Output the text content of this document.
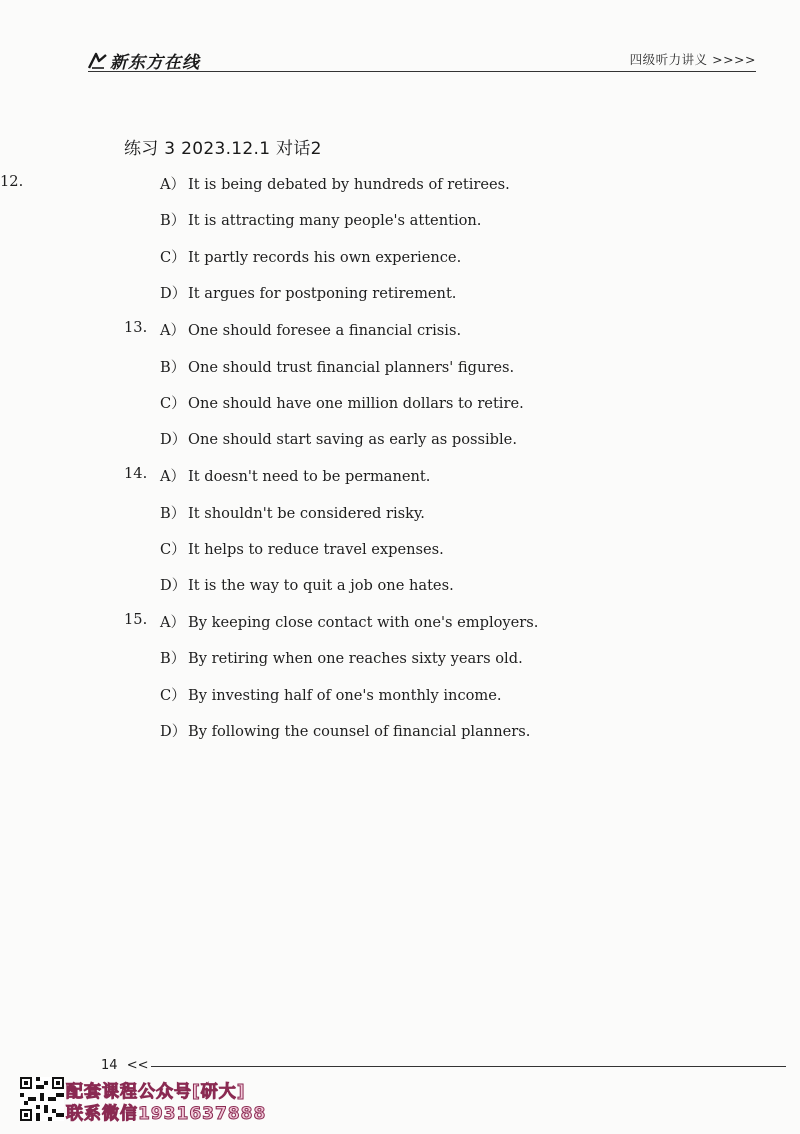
新东方在线	四级听力讲义 >>>>
练习 3 2023.12.1 对话2
12.	A） It is being debated by hundreds of retirees.
B） It is attracting many people's attention.
C） It partly records his own experience.
D） It argues for postponing retirement.
13. A） One should foresee a financial crisis.
B） One should trust financial planners' figures.
C） One should have one million dollars to retire.
D） One should start saving as early as possible.
14. A） It doesn't need to be permanent.
B） It shouldn't be considered risky.
C） It helps to reduce travel expenses.
D） It is the way to quit a job one hates.
15. A） By keeping close contact with one's employers.
B） By retiring when one reaches sixty years old.
C） By investing half of one's monthly income.
D） By following the counsel of financial planners.
14 <<
配套课程公众号[研大]
联系微信1931637888
